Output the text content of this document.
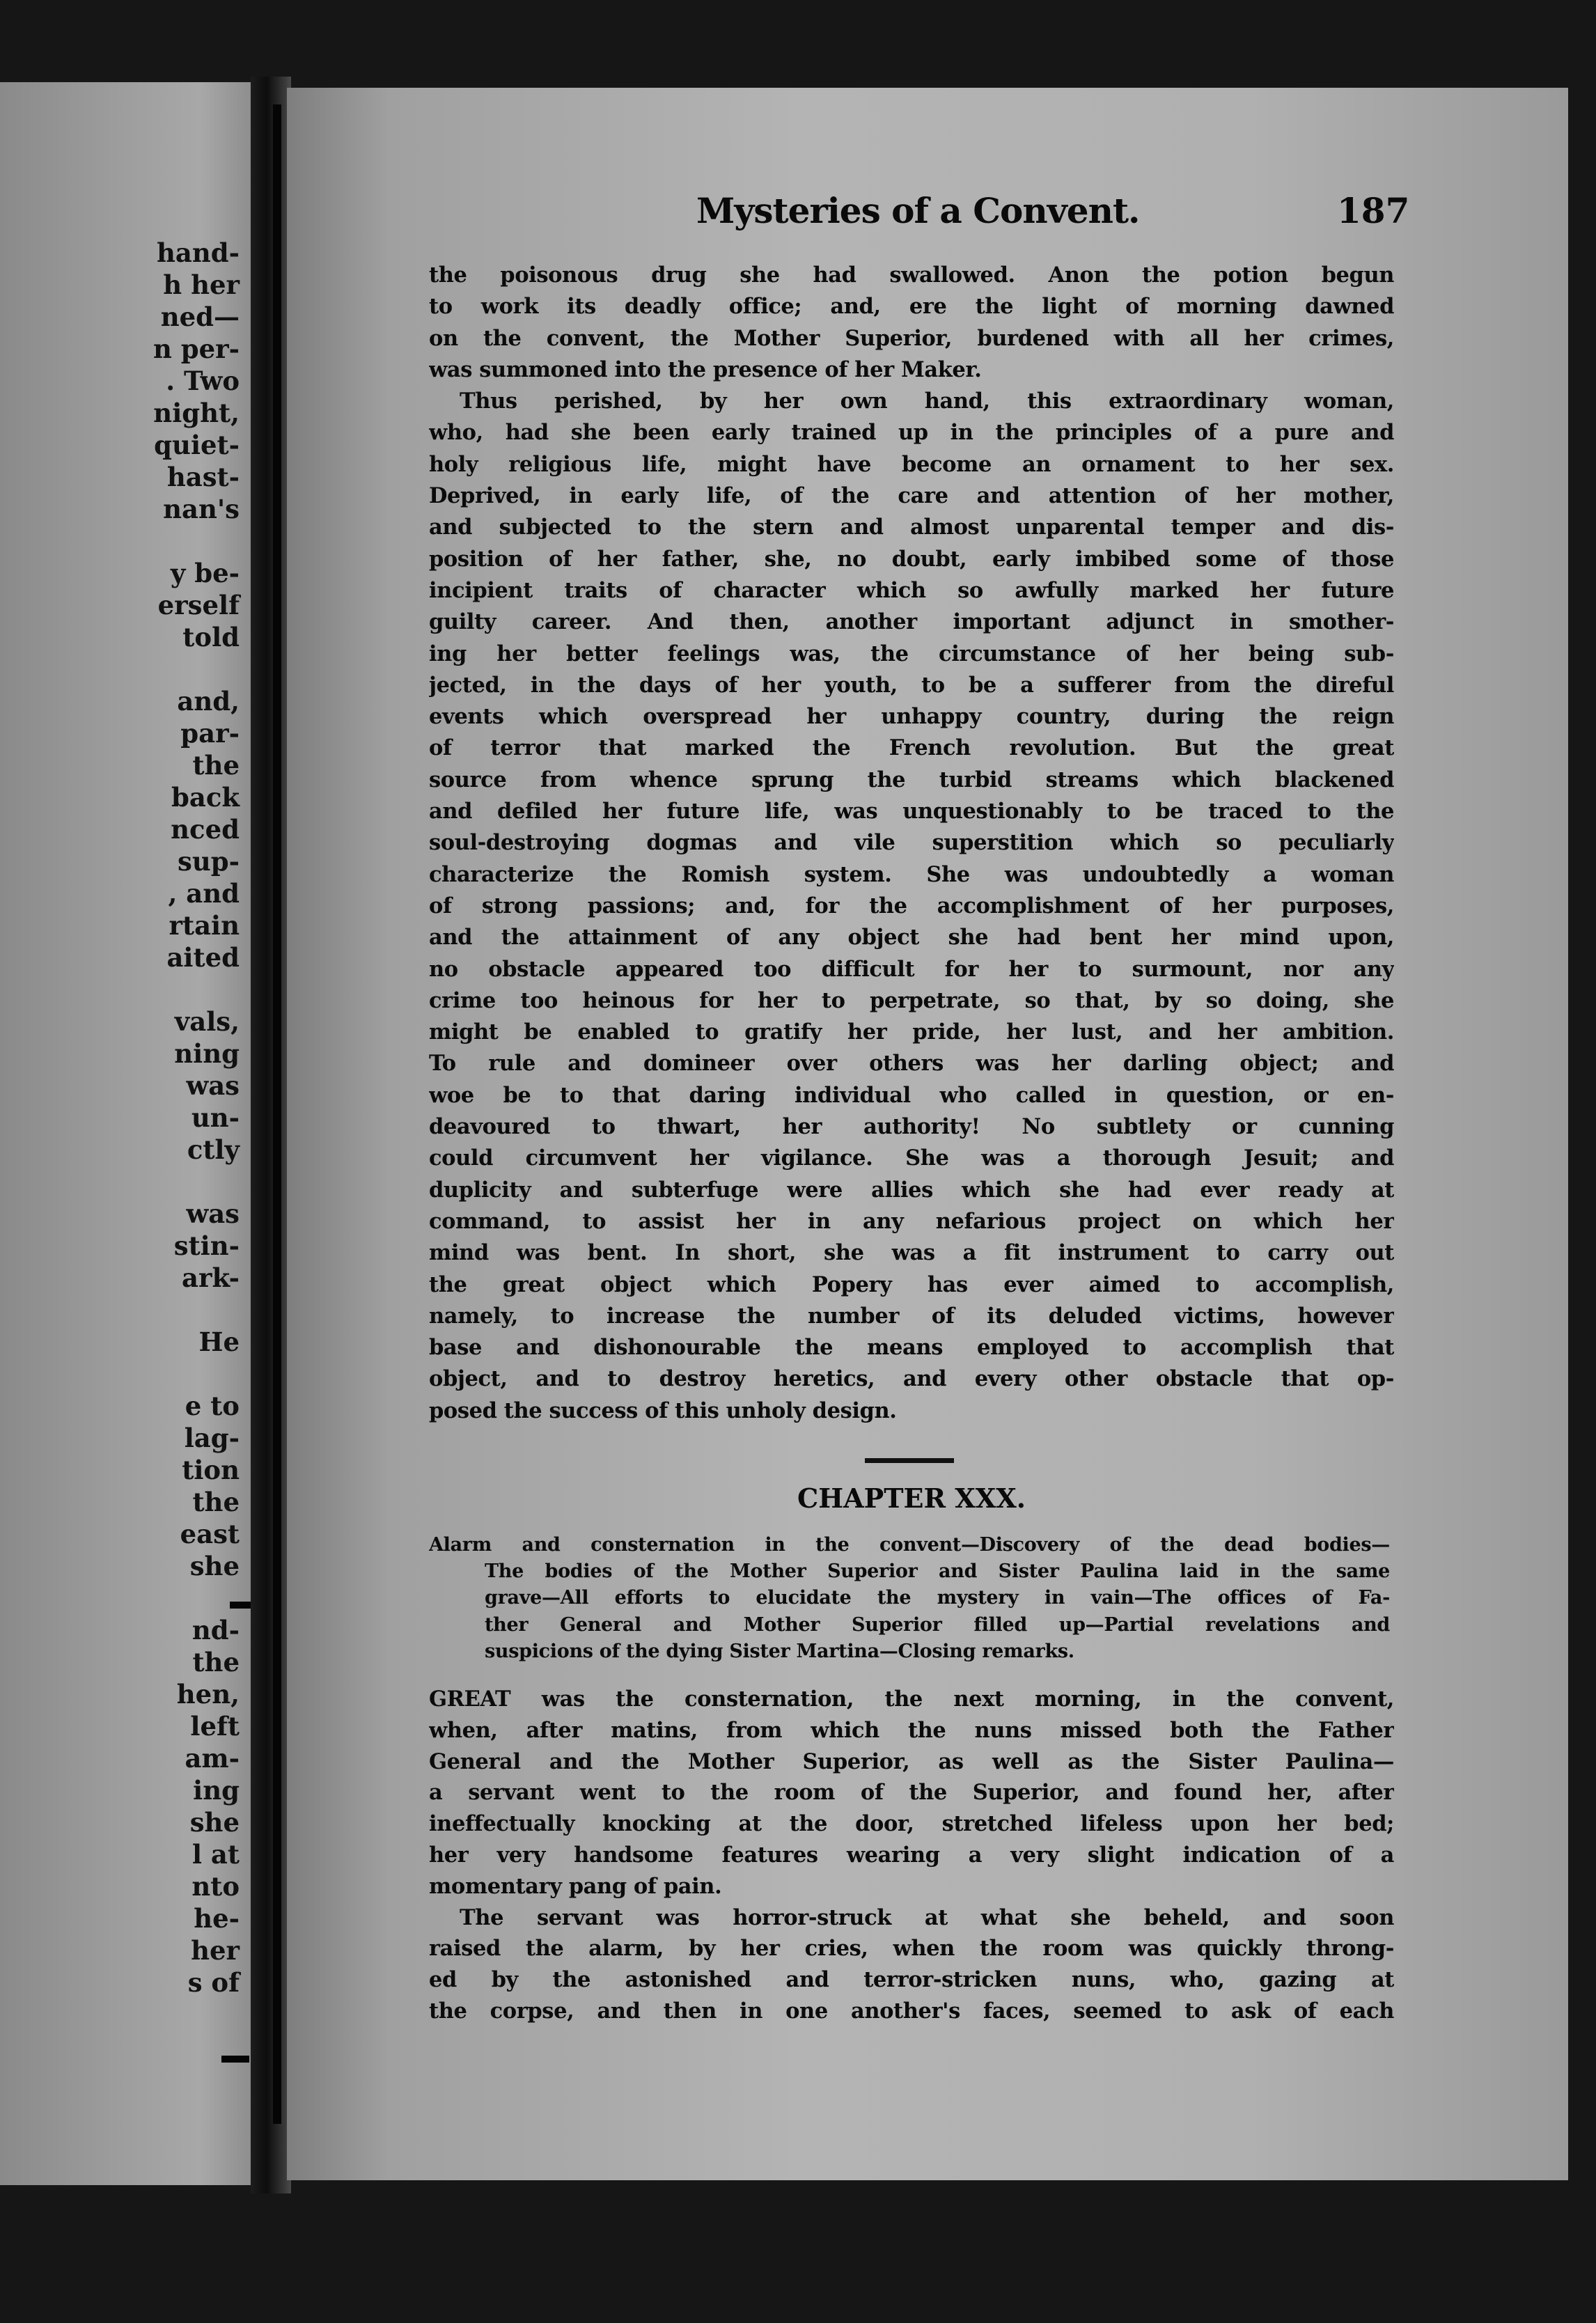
hand-
h her
ned—
n per-
. Two
night,
quiet-
hast-
nan's
y be-
erself
told
and,
par-
the
back
nced
sup-
, and
rtain
aited
vals,
ning
was
un-
ctly
was
stin-
ark-
He
e to
lag-
tion
the
east
she
nd-
the
hen,
left
am-
ing
she
l at
nto
he-
her
s of
Mysteries of a Convent.	187
the poisonous drug she had swallowed. Anon the potion begun
to work its deadly office; and, ere the light of morning dawned
on the convent, the Mother Superior, burdened with all her crimes,
was summoned into the presence of her Maker.
Thus perished, by her own hand, this extraordinary woman,
who, had she been early trained up in the principles of a pure and
holy religious life, might have become an ornament to her sex.
Deprived, in early life, of the care and attention of her mother,
and subjected to the stern and almost unparental temper and dis-
position of her father, she, no doubt, early imbibed some of those
incipient traits of character which so awfully marked her future
guilty career. And then, another important adjunct in smother-
ing her better feelings was, the circumstance of her being sub-
jected, in the days of her youth, to be a sufferer from the direful
events which overspread her unhappy country, during the reign
of terror that marked the French revolution. But the great
source from whence sprung the turbid streams which blackened
and defiled her future life, was unquestionably to be traced to the
soul-destroying dogmas and vile superstition which so peculiarly
characterize the Romish system. She was undoubtedly a woman
of strong passions; and, for the accomplishment of her purposes,
and the attainment of any object she had bent her mind upon,
no obstacle appeared too difficult for her to surmount, nor any
crime too heinous for her to perpetrate, so that, by so doing, she
might be enabled to gratify her pride, her lust, and her ambition.
To rule and domineer over others was her darling object; and
woe be to that daring individual who called in question, or en-
deavoured to thwart, her authority! No subtlety or cunning
could circumvent her vigilance. She was a thorough Jesuit; and
duplicity and subterfuge were allies which she had ever ready at
command, to assist her in any nefarious project on which her
mind was bent. In short, she was a fit instrument to carry out
the great object which Popery has ever aimed to accomplish,
namely, to increase the number of its deluded victims, however
base and dishonourable the means employed to accomplish that
object, and to destroy heretics, and every other obstacle that op-
posed the success of this unholy design.
CHAPTER XXX.
Alarm and consternation in the convent—Discovery of the dead bodies—
The bodies of the Mother Superior and Sister Paulina laid in the same
grave—All efforts to elucidate the mystery in vain—The offices of Fa-
ther General and Mother Superior filled up—Partial revelations and
suspicions of the dying Sister Martina—Closing remarks.
GREAT was the consternation, the next morning, in the convent,
when, after matins, from which the nuns missed both the Father
General and the Mother Superior, as well as the Sister Paulina—
a servant went to the room of the Superior, and found her, after
ineffectually knocking at the door, stretched lifeless upon her bed;
her very handsome features wearing a very slight indication of a
momentary pang of pain.
The servant was horror-struck at what she beheld, and soon
raised the alarm, by her cries, when the room was quickly throng-
ed by the astonished and terror-stricken nuns, who, gazing at
the corpse, and then in one another's faces, seemed to ask of each
